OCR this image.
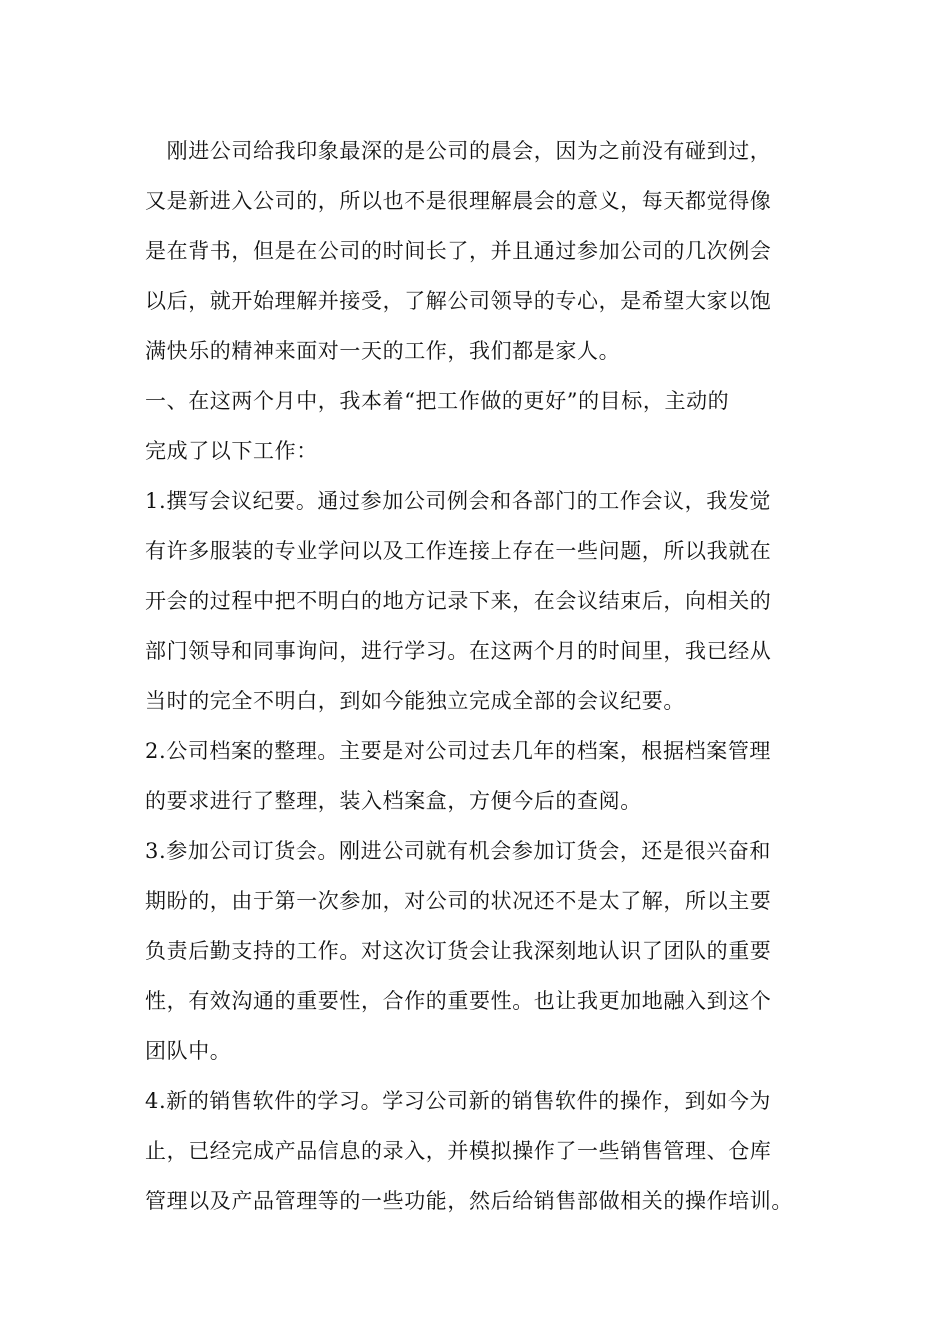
　刚进公司给我印象最深的是公司的晨会，因为之前没有碰到过，
又是新进入公司的，所以也不是很理解晨会的意义，每天都觉得像
是在背书，但是在公司的时间长了，并且通过参加公司的几次例会
以后，就开始理解并接受，了解公司领导的专心，是希望大家以饱
满快乐的精神来面对一天的工作，我们都是家人。
一、在这两个月中，我本着“把工作做的更好”的目标，主动的
完成了以下工作：
1.撰写会议纪要。通过参加公司例会和各部门的工作会议，我发觉
有许多服装的专业学问以及工作连接上存在一些问题，所以我就在
开会的过程中把不明白的地方记录下来，在会议结束后，向相关的
部门领导和同事询问，进行学习。在这两个月的时间里，我已经从
当时的完全不明白，到如今能独立完成全部的会议纪要。
2.公司档案的整理。主要是对公司过去几年的档案，根据档案管理
的要求进行了整理，装入档案盒，方便今后的查阅。
3.参加公司订货会。刚进公司就有机会参加订货会，还是很兴奋和
期盼的，由于第一次参加，对公司的状况还不是太了解，所以主要
负责后勤支持的工作。对这次订货会让我深刻地认识了团队的重要
性，有效沟通的重要性，合作的重要性。也让我更加地融入到这个
团队中。
4.新的销售软件的学习。学习公司新的销售软件的操作，到如今为
止，已经完成产品信息的录入，并模拟操作了一些销售管理、仓库
管理以及产品管理等的一些功能，然后给销售部做相关的操作培训。
